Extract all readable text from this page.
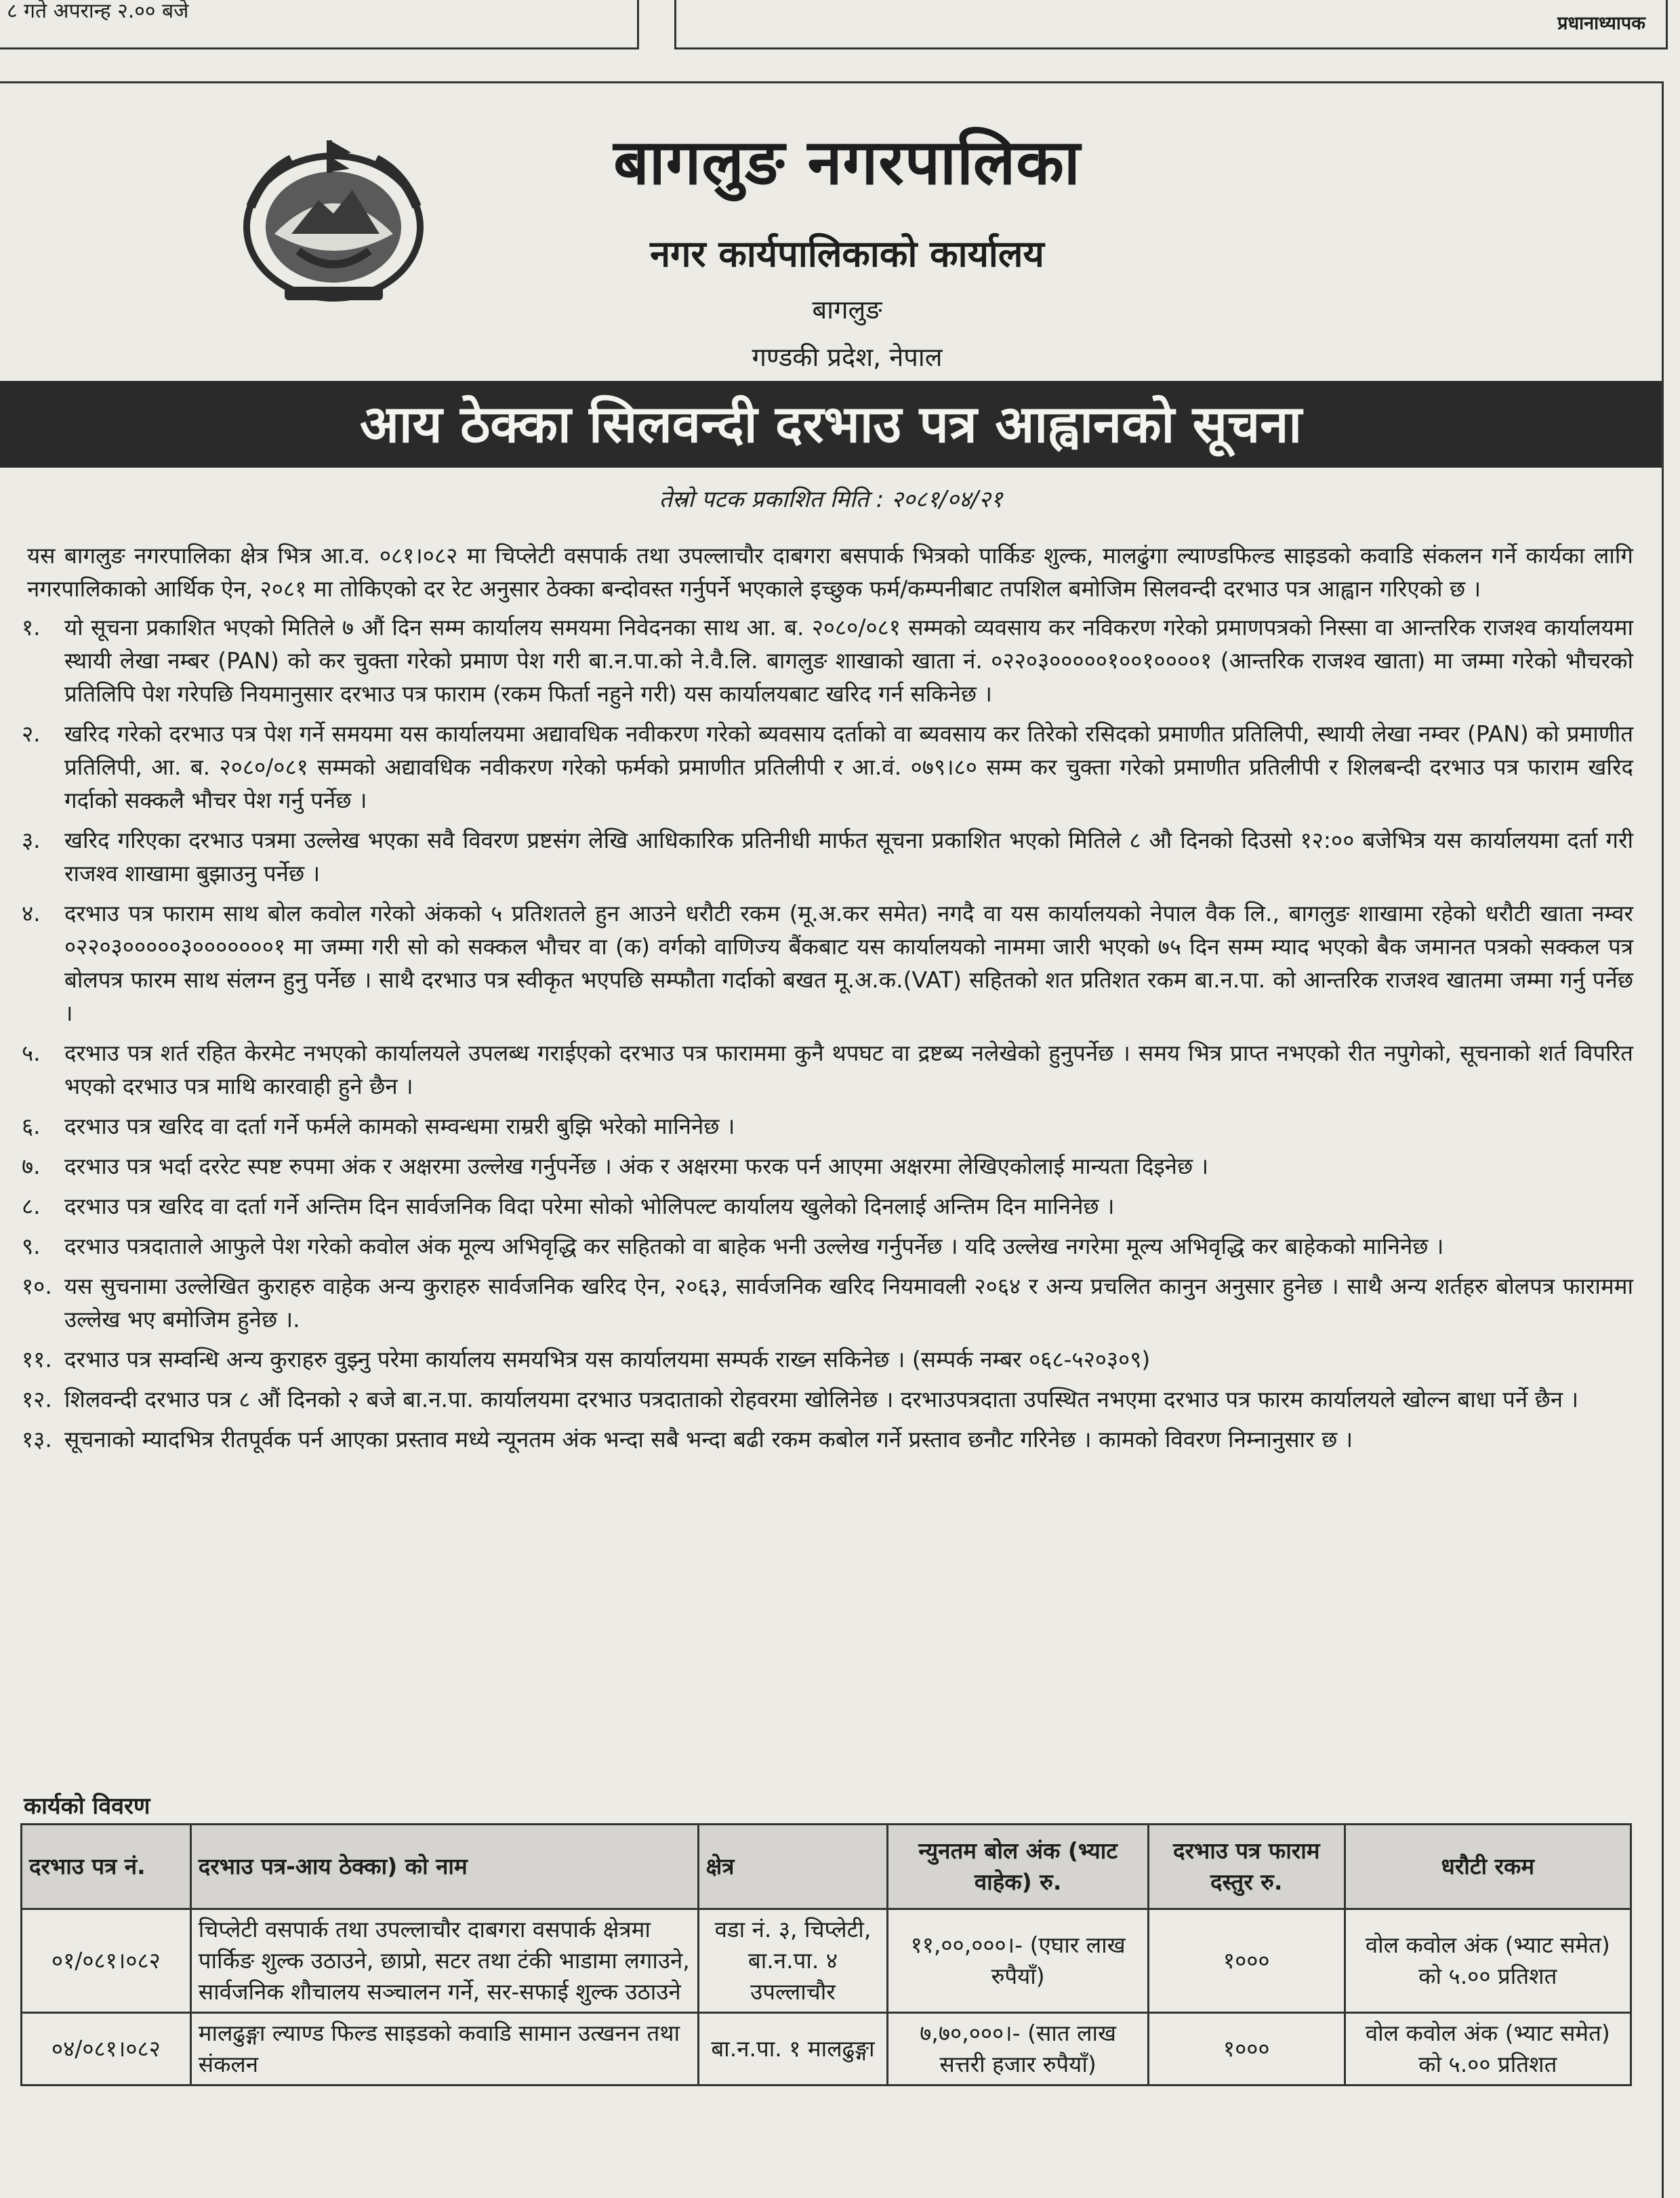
८ गते अपरान्ह २.०० बजे
प्रधानाध्यापक
बागलुङ नगरपालिका
नगर कार्यपालिकाको कार्यालय
बागलुङ
गण्डकी प्रदेश, नेपाल
आय ठेक्का सिलवन्दी दरभाउ पत्र आह्वानको सूचना
तेस्रो पटक प्रकाशित मिति : २०८१/०४/२१

यस बागलुङ नगरपालिका क्षेत्र भित्र आ.व. ०८१।०८२ मा चिप्लेटी वसपार्क तथा उपल्लाचौर दाबगरा बसपार्क भित्रको पार्किङ शुल्क, मालढुंगा ल्याण्डफिल्ड साइडको कवाडि संकलन गर्ने कार्यका लागि नगरपालिकाको आर्थिक ऐन, २०८१ मा तोकिएको दर रेट अनुसार ठेक्का बन्दोवस्त गर्नुपर्ने भएकाले इच्छुक फर्म/कम्पनीबाट तपशिल बमोजिम सिलवन्दी दरभाउ पत्र आह्वान गरिएको छ ।

१.	यो सूचना प्रकाशित भएको मितिले ७ औं दिन सम्म कार्यालय समयमा निवेदनका साथ आ. ब. २०८०/०८१ सम्मको व्यवसाय कर नविकरण गरेको प्रमाणपत्रको निस्सा वा आन्तरिक राजश्व कार्यालयमा स्थायी लेखा नम्बर (PAN) को कर चुक्ता गरेको प्रमाण पेश गरी बा.न.पा.को ने.वै.लि. बागलुङ शाखाको खाता नं. ०२२०३०००००१००१००००१ (आन्तरिक राजश्व खाता) मा जम्मा गरेको भौचरको प्रतिलिपि पेश गरेपछि नियमानुसार दरभाउ पत्र फाराम (रकम फिर्ता नहुने गरी) यस कार्यालयबाट खरिद गर्न सकिनेछ ।
२.	खरिद गरेको दरभाउ पत्र पेश गर्ने समयमा यस कार्यालयमा अद्यावधिक नवीकरण गरेको ब्यवसाय दर्ताको वा ब्यवसाय कर तिरेको रसिदको प्रमाणीत प्रतिलिपी, स्थायी लेखा नम्वर (PAN) को प्रमाणीत प्रतिलिपी, आ. ब. २०८०/०८१ सम्मको अद्यावधिक नवीकरण गरेको फर्मको प्रमाणीत प्रतिलीपी र आ.वं. ०७९।८० सम्म कर चुक्ता गरेको प्रमाणीत प्रतिलीपी र शिलबन्दी दरभाउ पत्र फाराम खरिद गर्दाको सक्कलै भौचर पेश गर्नु पर्नेछ ।
३.	खरिद गरिएका दरभाउ पत्रमा उल्लेख भएका सवै विवरण प्रष्टसंग लेखि आधिकारिक प्रतिनीधी मार्फत सूचना प्रकाशित भएको मितिले ८ औ दिनको दिउसो १२:०० बजेभित्र यस कार्यालयमा दर्ता गरी राजश्व शाखामा बुझाउनु पर्नेछ ।
४.	दरभाउ पत्र फाराम साथ बोल कवोल गरेको अंकको ५ प्रतिशतले हुन आउने धरौटी रकम (मू.अ.कर समेत) नगदै वा यस कार्यालयको नेपाल वैक लि., बागलुङ शाखामा रहेको धरौटी खाता नम्वर ०२२०३०००००३०००००००१ मा जम्मा गरी सो को सक्कल भौचर वा (क) वर्गको वाणिज्य बैंकबाट यस कार्यालयको नाममा जारी भएको ७५ दिन सम्म म्याद भएको बैक जमानत पत्रको सक्कल पत्र बोलपत्र फारम साथ संलग्न हुनु पर्नेछ । साथै दरभाउ पत्र स्वीकृत भएपछि सम्फौता गर्दाको बखत मू.अ.क.(VAT) सहितको शत प्रतिशत रकम बा.न.पा. को आन्तरिक राजश्व खातमा जम्मा गर्नु पर्नेछ ।
५.	दरभाउ पत्र शर्त रहित केरमेट नभएको कार्यालयले उपलब्ध गराईएको दरभाउ पत्र फाराममा कुनै थपघट वा द्रष्टब्य नलेखेको हुनुपर्नेछ । समय भित्र प्राप्त नभएको रीत नपुगेको, सूचनाको शर्त विपरित भएको दरभाउ पत्र माथि कारवाही हुने छैन ।
६.	दरभाउ पत्र खरिद वा दर्ता गर्ने फर्मले कामको सम्वन्धमा राम्ररी बुझि भरेको मानिनेछ ।
७.	दरभाउ पत्र भर्दा दररेट स्पष्ट रुपमा अंक र अक्षरमा उल्लेख गर्नुपर्नेछ । अंक र अक्षरमा फरक पर्न आएमा अक्षरमा लेखिएकोलाई मान्यता दिइनेछ ।
८.	दरभाउ पत्र खरिद वा दर्ता गर्ने अन्तिम दिन सार्वजनिक विदा परेमा सोको भोलिपल्ट कार्यालय खुलेको दिनलाई अन्तिम दिन मानिनेछ ।
९.	दरभाउ पत्रदाताले आफुले पेश गरेको कवोल अंक मूल्य अभिवृद्धि कर सहितको वा बाहेक भनी उल्लेख गर्नुपर्नेछ । यदि उल्लेख नगरेमा मूल्य अभिवृद्धि कर बाहेकको मानिनेछ ।
१०. यस सुचनामा उल्लेखित कुराहरु वाहेक अन्य कुराहरु सार्वजनिक खरिद ऐन, २०६३, सार्वजनिक खरिद नियमावली २०६४ र अन्य प्रचलित कानुन अनुसार हुनेछ । साथै अन्य शर्तहरु बोलपत्र फाराममा उल्लेख भए बमोजिम हुनेछ ।.
११. दरभाउ पत्र सम्वन्धि अन्य कुराहरु वुझ्नु परेमा कार्यालय समयभित्र यस कार्यालयमा सम्पर्क राख्न सकिनेछ । (सम्पर्क नम्बर ०६८-५२०३०९)
१२. शिलवन्दी दरभाउ पत्र ८ औं दिनको २ बजे बा.न.पा. कार्यालयमा दरभाउ पत्रदाताको रोहवरमा खोलिनेछ । दरभाउपत्रदाता उपस्थित नभएमा दरभाउ पत्र फारम कार्यालयले खोल्न बाधा पर्ने छैन ।
१३. सूचनाको म्यादभित्र रीतपूर्वक पर्न आएका प्रस्ताव मध्ये न्यूनतम अंक भन्दा सबै भन्दा बढी रकम कबोल गर्ने प्रस्ताव छनौट गरिनेछ । कामको विवरण निम्नानुसार छ ।
कार्यको विवरण
दरभाउ पत्र नं.	दरभाउ पत्र-आय ठेक्का) को नाम	क्षेत्र	न्युनतम बोल अंक (भ्याट वाहेक) रु.	दरभाउ पत्र फाराम दस्तुर रु.	धरौटी रकम
०१/०८१।०८२	चिप्लेटी वसपार्क तथा उपल्लाचौर दाबगरा वसपार्क क्षेत्रमा पार्किङ शुल्क उठाउने, छाप्रो, सटर तथा टंकी भाडामा लगाउने, सार्वजनिक शौचालय सञ्चालन गर्ने, सर-सफाई शुल्क उठाउने	वडा नं. ३, चिप्लेटी, बा.न.पा. ४ उपल्लाचौर	११,००,०००।- (एघार लाख रुपैयाँ)	१०००	वोल कवोल अंक (भ्याट समेत) को ५.०० प्रतिशत
०४/०८१।०८२	मालढुङ्गा ल्याण्ड फिल्ड साइडको कवाडि सामान उत्खनन तथा संकलन	बा.न.पा. १ मालढुङ्गा	७,७०,०००।- (सात लाख सत्तरी हजार रुपैयाँ)	१०००	वोल कवोल अंक (भ्याट समेत) को ५.०० प्रतिशत
